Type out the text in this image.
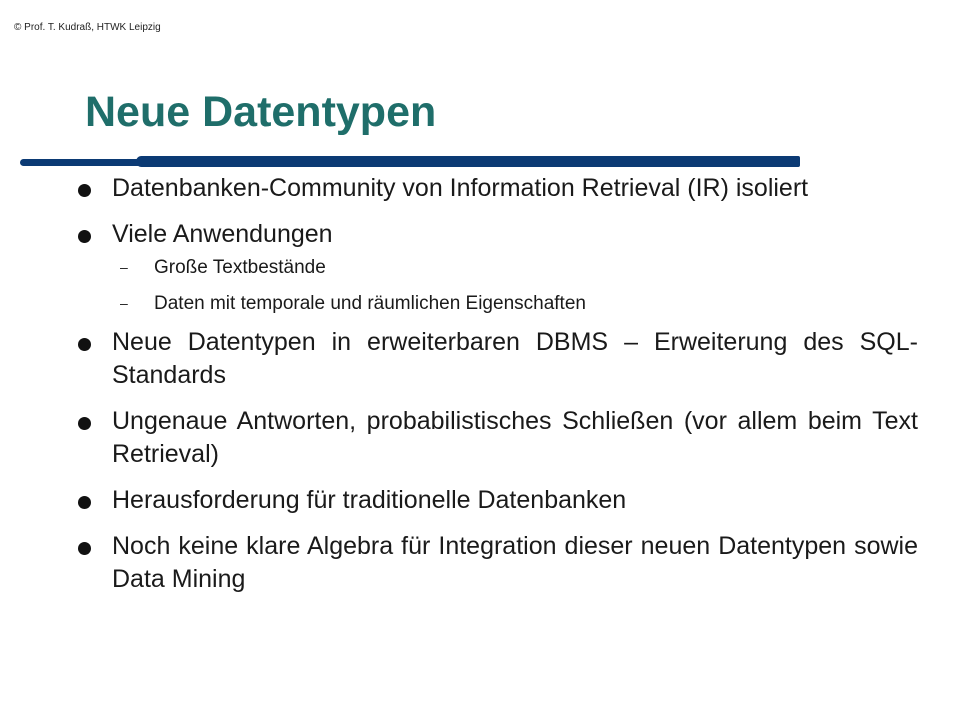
© Prof. T. Kudraß, HTWK Leipzig
Neue Datentypen
Datenbanken-Community von Information Retrieval (IR) isoliert
Viele Anwendungen
– Große Textbestände
– Daten mit temporale und räumlichen Eigenschaften
Neue Datentypen in erweiterbaren DBMS – Erweiterung des SQL-Standards
Ungenaue Antworten, probabilistisches Schließen (vor allem beim Text Retrieval)
Herausforderung für traditionelle Datenbanken
Noch keine klare Algebra für Integration dieser neuen Datentypen sowie Data Mining
